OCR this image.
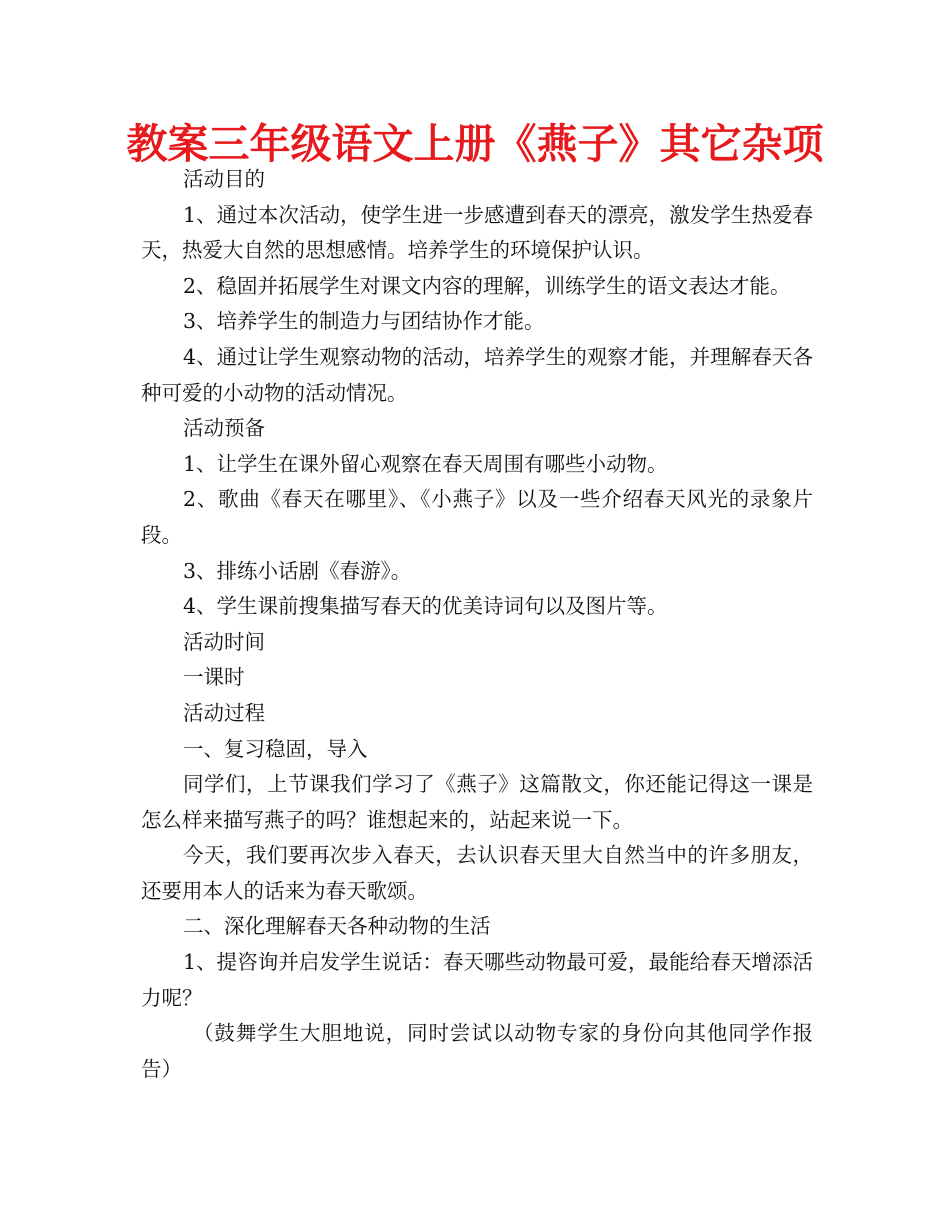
教案三年级语文上册《燕子》其它杂项

活动目的

1、通过本次活动，使学生进一步感遭到春天的漂亮，激发学生热爱春天，热爱大自然的思想感情。培养学生的环境保护认识。

2、稳固并拓展学生对课文内容的理解，训练学生的语文表达才能。

3、培养学生的制造力与团结协作才能。

4、通过让学生观察动物的活动，培养学生的观察才能，并理解春天各种可爱的小动物的活动情况。

活动预备

1、让学生在课外留心观察在春天周围有哪些小动物。

2、歌曲《春天在哪里》、《小燕子》以及一些介绍春天风光的录象片段。

3、排练小话剧《春游》。

4、学生课前搜集描写春天的优美诗词句以及图片等。

活动时间

一课时

活动过程

一、复习稳固，导入

同学们，上节课我们学习了《燕子》这篇散文，你还能记得这一课是怎么样来描写燕子的吗？谁想起来的，站起来说一下。

今天，我们要再次步入春天，去认识春天里大自然当中的许多朋友，还要用本人的话来为春天歌颂。

二、深化理解春天各种动物的生活

1、提咨询并启发学生说话：春天哪些动物最可爱，最能给春天增添活力呢？

（鼓舞学生大胆地说，同时尝试以动物专家的身份向其他同学作报告）
